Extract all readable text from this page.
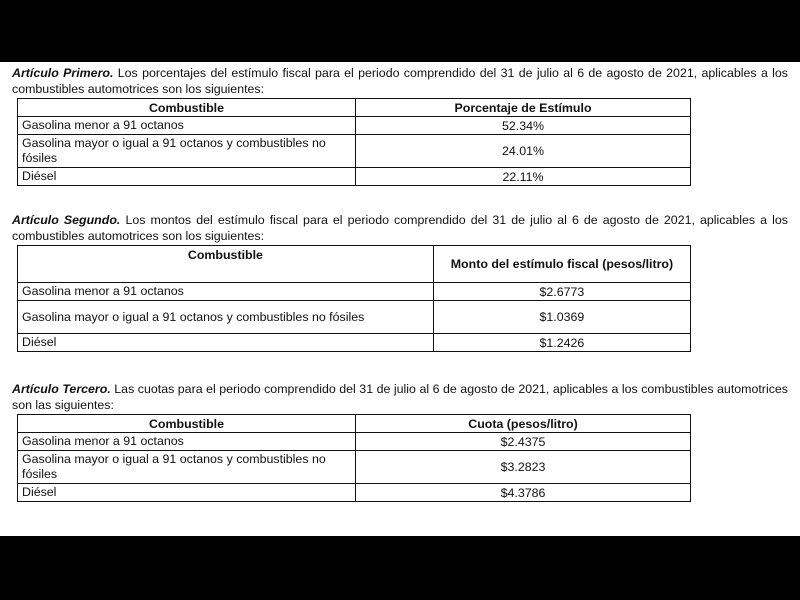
Artículo Primero. Los porcentajes del estímulo fiscal para el periodo comprendido del 31 de julio al 6 de agosto de 2021, aplicables a los combustibles automotrices son los siguientes:

Combustible	Porcentaje de Estímulo
Gasolina menor a 91 octanos	52.34%
Gasolina mayor o igual a 91 octanos y combustibles no fósiles	24.01%
Diésel	22.11%

Artículo Segundo. Los montos del estímulo fiscal para el periodo comprendido del 31 de julio al 6 de agosto de 2021, aplicables a los combustibles automotrices son los siguientes:

Combustible	Monto del estímulo fiscal (pesos/litro)
Gasolina menor a 91 octanos	$2.6773
Gasolina mayor o igual a 91 octanos y combustibles no fósiles	$1.0369
Diésel	$1.2426

Artículo Tercero. Las cuotas para el periodo comprendido del 31 de julio al 6 de agosto de 2021, aplicables a los combustibles automotrices son las siguientes:

Combustible	Cuota (pesos/litro)
Gasolina menor a 91 octanos	$2.4375
Gasolina mayor o igual a 91 octanos y combustibles no fósiles	$3.2823
Diésel	$4.3786
